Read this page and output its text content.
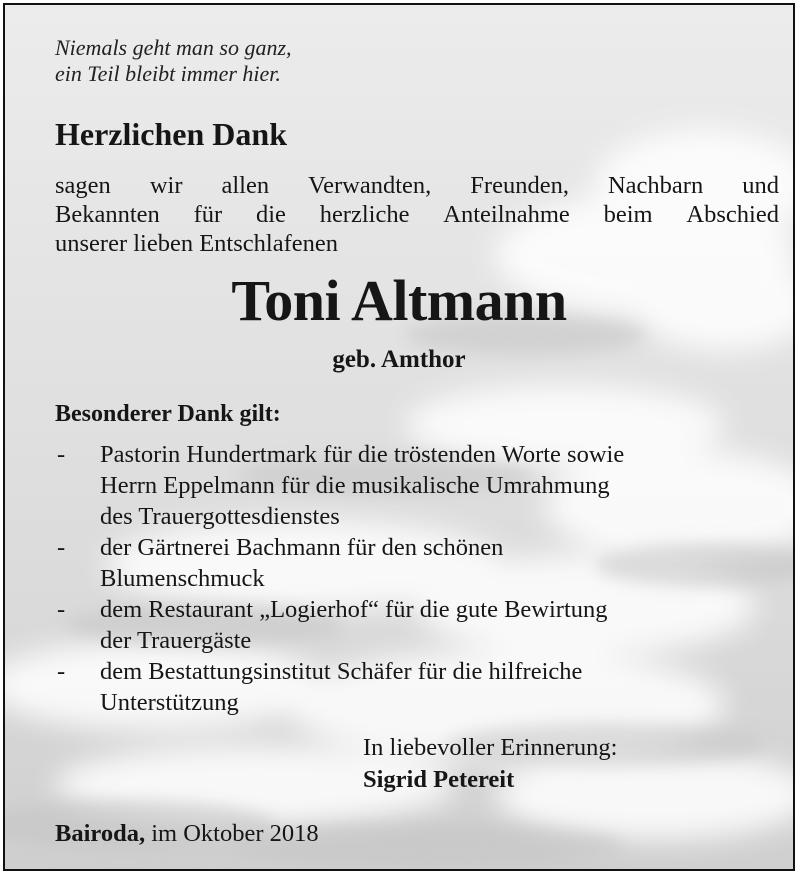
Niemals geht man so ganz,
ein Teil bleibt immer hier.
Herzlichen Dank
sagen wir allen Verwandten, Freunden, Nachbarn und
Bekannten für die herzliche Anteilnahme beim Abschied
unserer lieben Entschlafenen
Toni Altmann
geb. Amthor
Besonderer Dank gilt:
- Pastorin Hundertmark für die tröstenden Worte sowie
Herrn Eppelmann für die musikalische Umrahmung
des Trauergottesdienstes
- der Gärtnerei Bachmann für den schönen
Blumenschmuck
- dem Restaurant „Logierhof“ für die gute Bewirtung
der Trauergäste
- dem Bestattungsinstitut Schäfer für die hilfreiche
Unterstützung
In liebevoller Erinnerung:
Sigrid Petereit
Bairoda, im Oktober 2018
